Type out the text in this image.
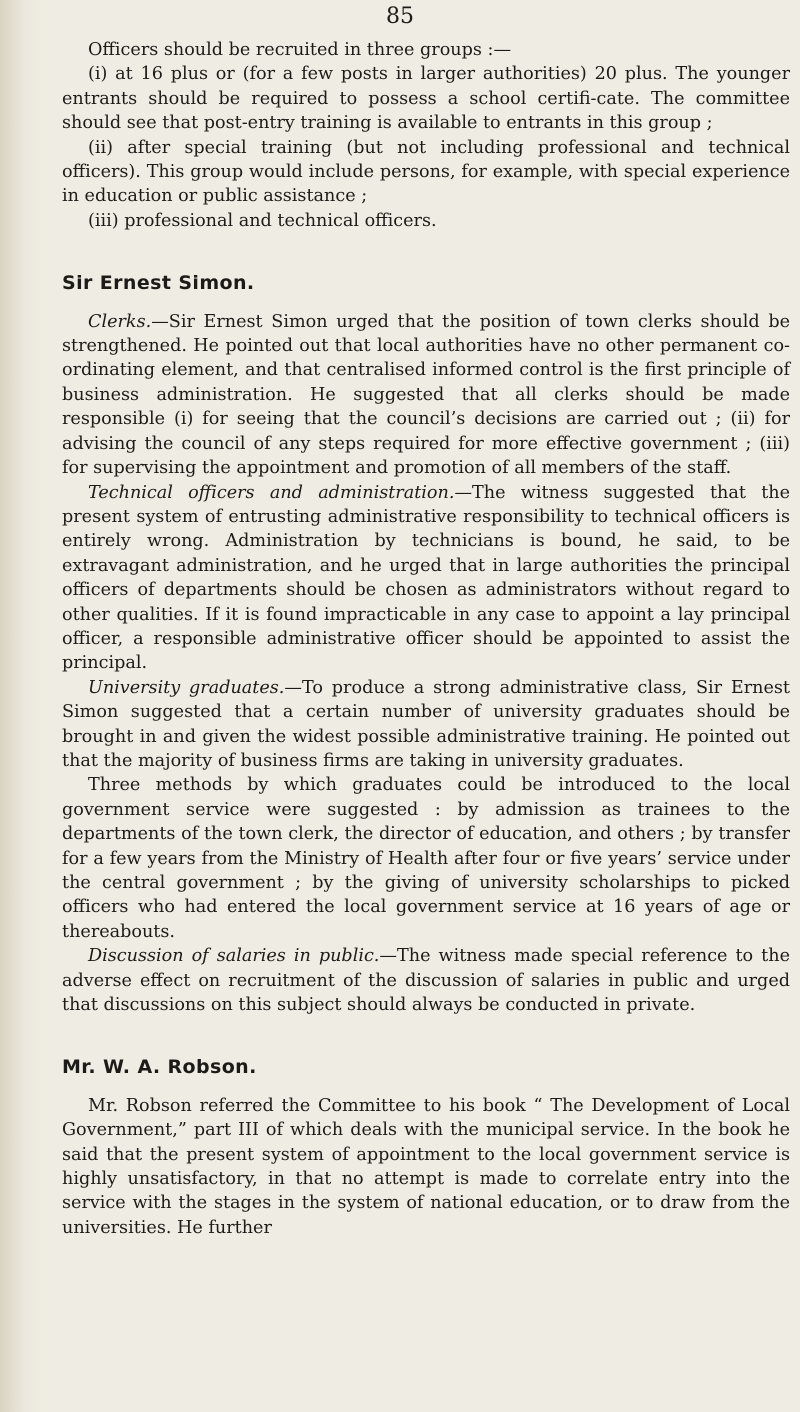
85

Officers should be recruited in three groups :—

(i) at 16 plus or (for a few posts in larger authorities) 20 plus. The younger entrants should be required to possess a school certifi-cate. The committee should see that post-entry training is available to entrants in this group ;

(ii) after special training (but not including professional and technical officers). This group would include persons, for example, with special experience in education or public assistance ;

(iii) professional and technical officers.

Sir Ernest Simon.

Clerks.—Sir Ernest Simon urged that the position of town clerks should be strengthened. He pointed out that local authorities have no other permanent co-ordinating element, and that centralised informed control is the first principle of business administration. He suggested that all clerks should be made responsible (i) for seeing that the council’s decisions are carried out ; (ii) for advising the council of any steps required for more effective government ; (iii) for supervising the appointment and promotion of all members of the staff.

Technical officers and administration.—The witness suggested that the present system of entrusting administrative responsibility to technical officers is entirely wrong. Administration by technicians is bound, he said, to be extravagant administration, and he urged that in large authorities the principal officers of departments should be chosen as administrators without regard to other qualities. If it is found impracticable in any case to appoint a lay principal officer, a responsible administrative officer should be appointed to assist the principal.

University graduates.—To produce a strong administrative class, Sir Ernest Simon suggested that a certain number of university graduates should be brought in and given the widest possible administrative training. He pointed out that the majority of business firms are taking in university graduates.

Three methods by which graduates could be introduced to the local government service were suggested : by admission as trainees to the departments of the town clerk, the director of education, and others ; by transfer for a few years from the Ministry of Health after four or five years’ service under the central government ; by the giving of university scholarships to picked officers who had entered the local government service at 16 years of age or thereabouts.

Discussion of salaries in public.—The witness made special reference to the adverse effect on recruitment of the discussion of salaries in public and urged that discussions on this subject should always be conducted in private.

Mr. W. A. Robson.

Mr. Robson referred the Committee to his book “ The Development of Local Government,” part III of which deals with the municipal service. In the book he said that the present system of appointment to the local government service is highly unsatisfactory, in that no attempt is made to correlate entry into the service with the stages in the system of national education, or to draw from the universities. He further
